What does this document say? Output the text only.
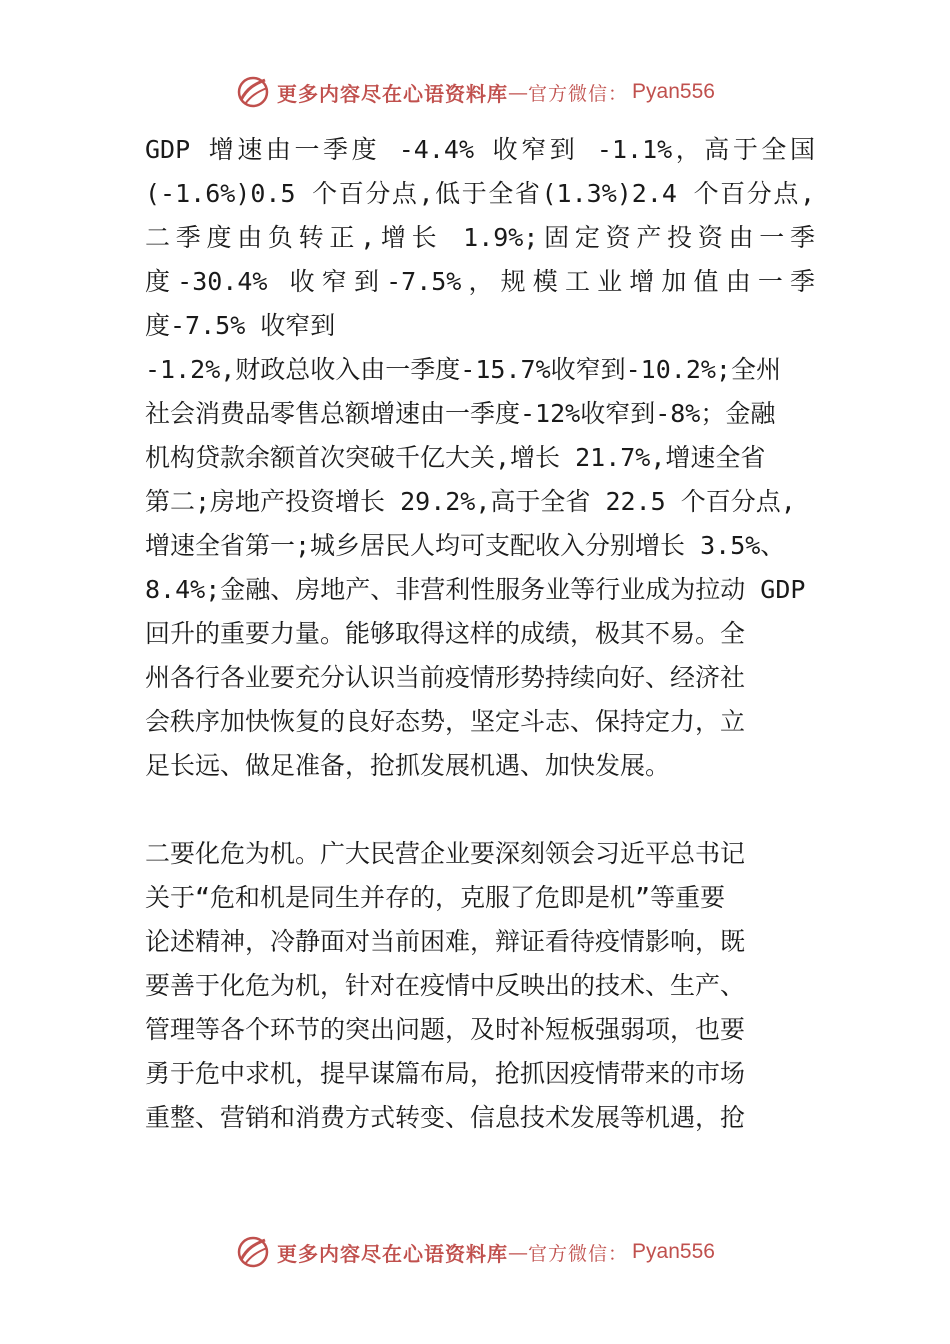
更多内容尽在心语资料库 — 官方微信： Pyan556
GDP 增速由一季度 -4.4% 收窄到 -1.1%，高于全国
(-1.6%)0.5 个百分点,低于全省(1.3%)2.4 个百分点,
二季度由负转正,增长 1.9%;固定资产投资由一季
度-30.4% 收窄到-7.5%，规模工业增加值由一季
度-7.5% 收窄到
-1.2%,财政总收入由一季度-15.7%收窄到-10.2%;全州
社会消费品零售总额增速由一季度-12%收窄到-8%；金融
机构贷款余额首次突破千亿大关,增长 21.7%,增速全省
第二;房地产投资增长 29.2%,高于全省 22.5 个百分点,
增速全省第一;城乡居民人均可支配收入分别增长 3.5%、
8.4%;金融、房地产、非营利性服务业等行业成为拉动 GDP
回升的重要力量。能够取得这样的成绩，极其不易。全
州各行各业要充分认识当前疫情形势持续向好、经济社
会秩序加快恢复的良好态势，坚定斗志、保持定力，立
足长远、做足准备，抢抓发展机遇、加快发展。
二要化危为机。广大民营企业要深刻领会习近平总书记
关于“危和机是同生并存的，克服了危即是机”等重要
论述精神，冷静面对当前困难，辩证看待疫情影响，既
要善于化危为机，针对在疫情中反映出的技术、生产、
管理等各个环节的突出问题，及时补短板强弱项，也要
勇于危中求机，提早谋篇布局，抢抓因疫情带来的市场
重整、营销和消费方式转变、信息技术发展等机遇，抢
更多内容尽在心语资料库 — 官方微信： Pyan556
